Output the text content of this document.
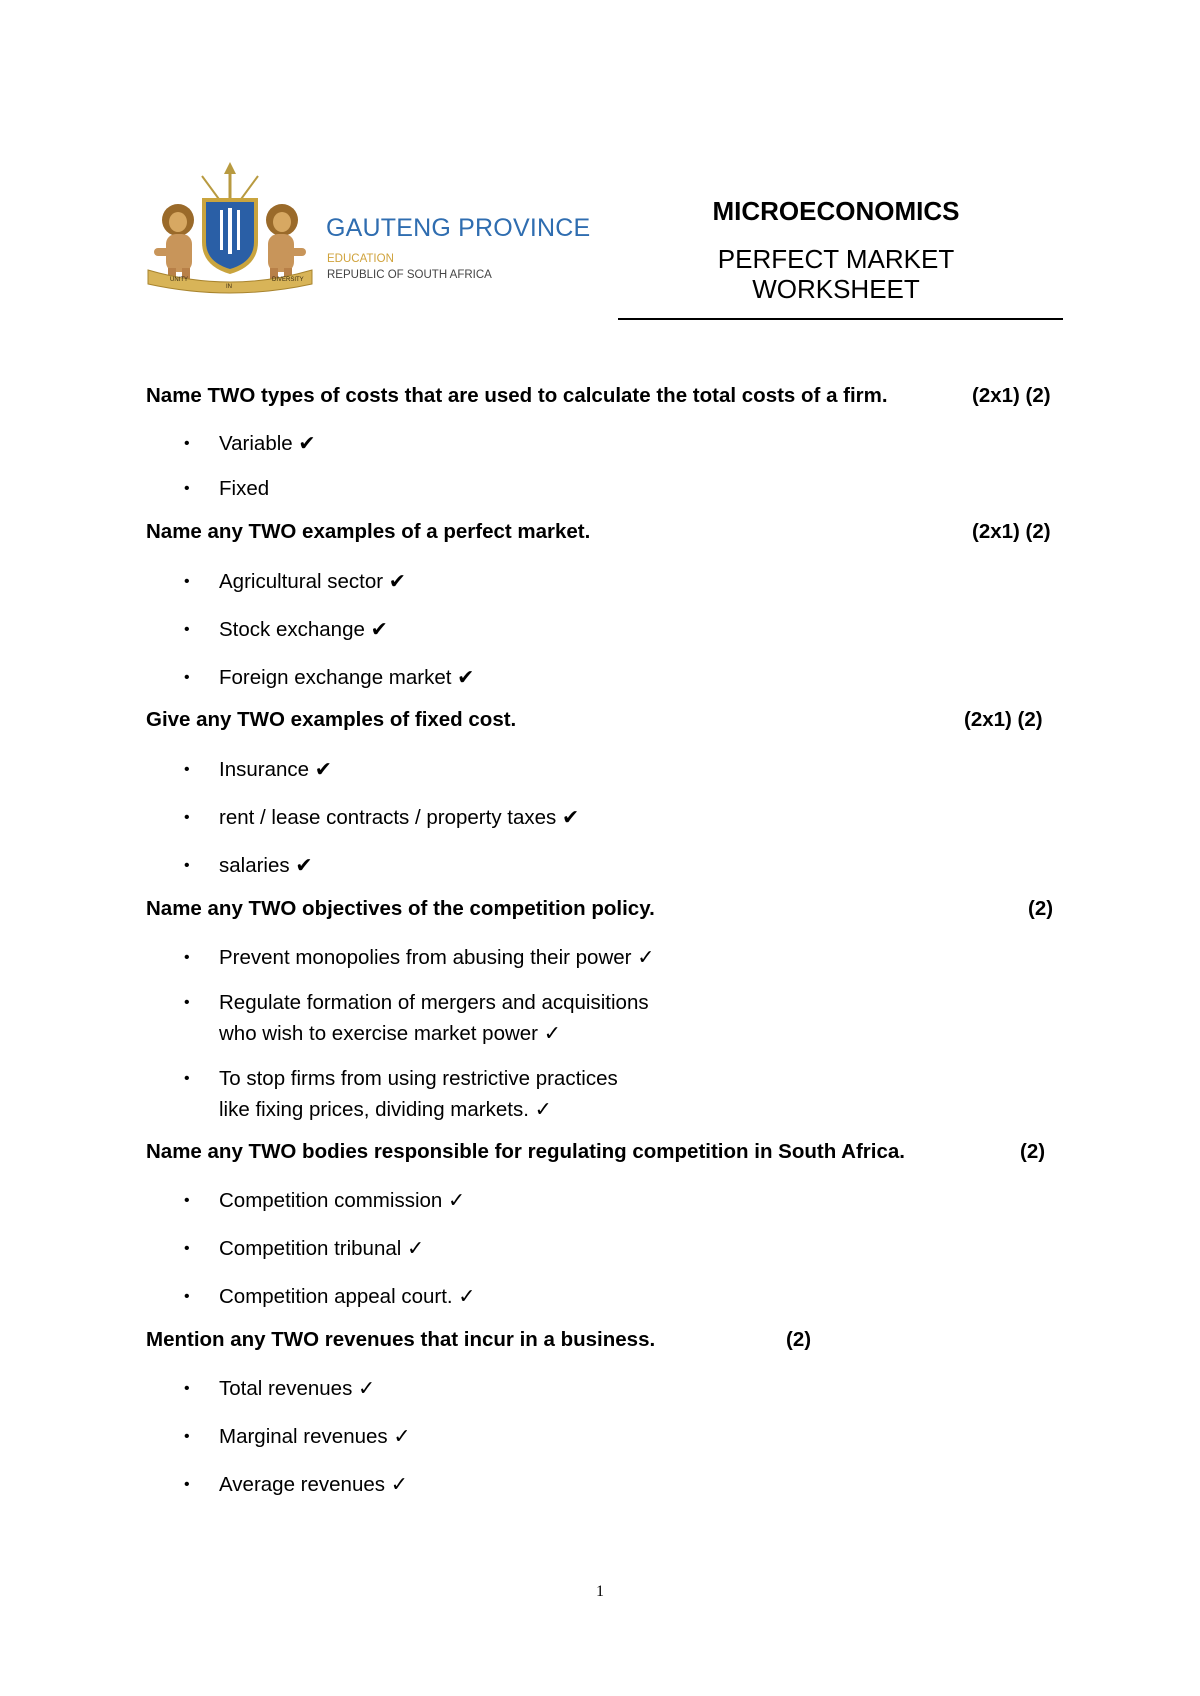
UNITY
IN
DIVERSITY
GAUTENG PROVINCE
EDUCATION
REPUBLIC OF SOUTH AFRICA
MICROECONOMICS
PERFECT MARKET
WORKSHEET
Name TWO types of costs that are used to calculate the total costs of a firm.	(2x1) (2)
• Variable ✔
• Fixed
Name any TWO examples of a perfect market.	(2x1) (2)
• Agricultural sector ✔
• Stock exchange ✔
• Foreign exchange market ✔
Give any TWO examples of fixed cost.	(2x1) (2)
• Insurance ✔
• rent / lease contracts / property taxes ✔
• salaries ✔
Name any TWO objectives of the competition policy.	(2)
• Prevent monopolies from abusing their power ✓
• Regulate formation of mergers and acquisitions
who wish to exercise market power ✓
• To stop firms from using restrictive practices
like fixing prices, dividing markets. ✓
Name any TWO bodies responsible for regulating competition in South Africa.	(2)
• Competition commission ✓
• Competition tribunal ✓
• Competition appeal court. ✓
Mention any TWO revenues that incur in a business.	(2)
• Total revenues ✓
• Marginal revenues ✓
• Average revenues ✓
1
